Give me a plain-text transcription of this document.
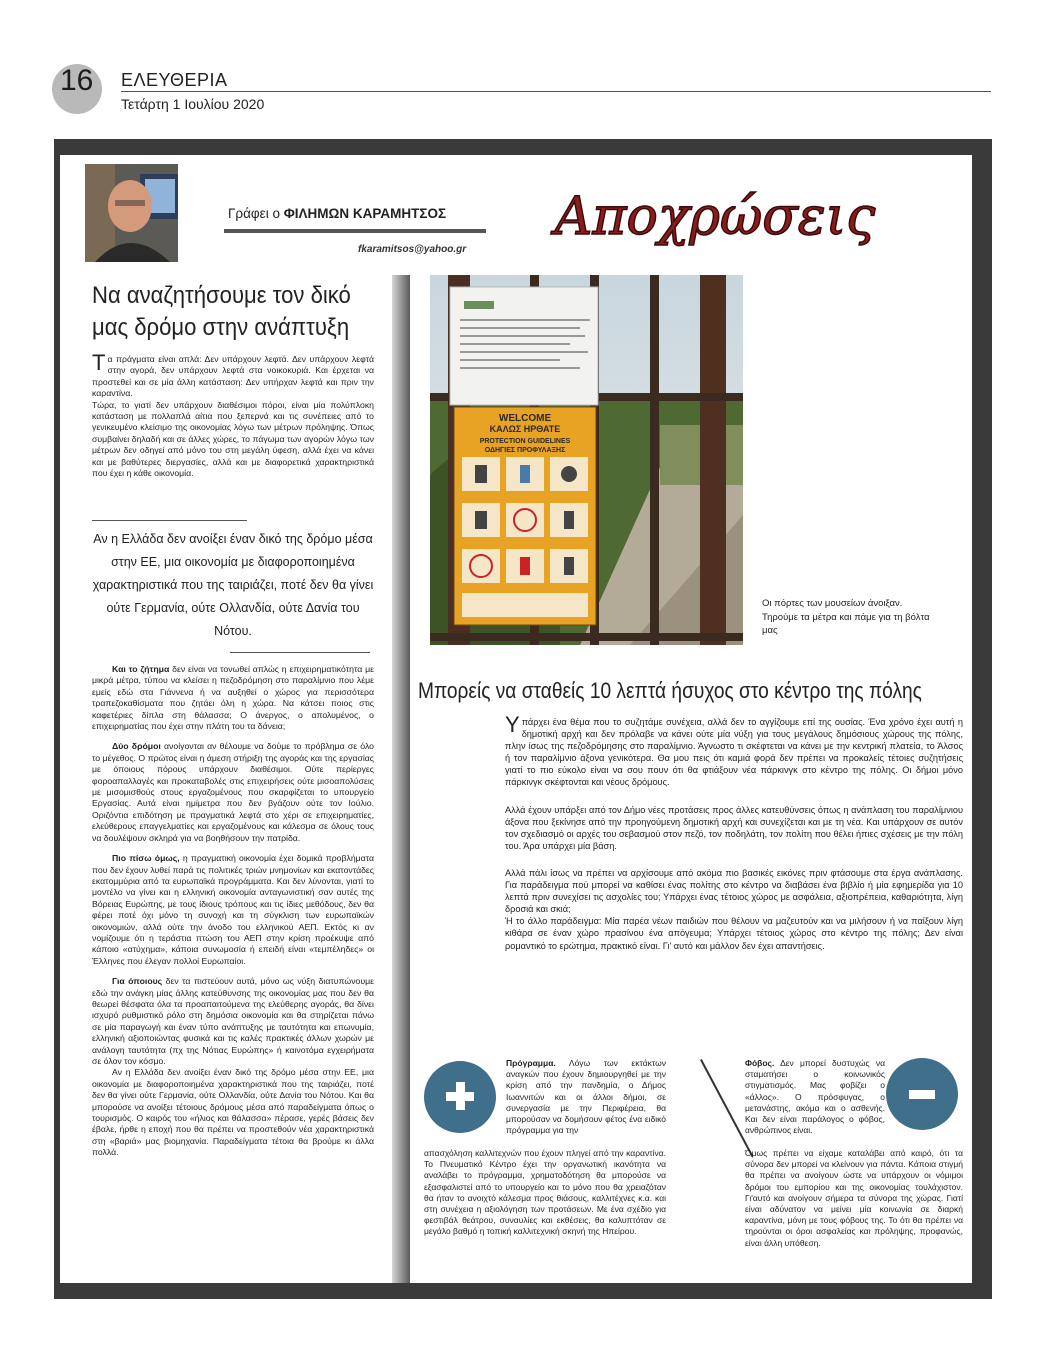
16 ΕΛΕΥΘΕΡΙΑ
Τετάρτη 1 Ιουλίου 2020
Γράφει ο ΦΙΛΗΜΩΝ ΚΑΡΑΜΗΤΣΟΣ
fkaramitsos@yahoo.gr
Αποχρώσεις
Να αναζητήσουμε τον δικό μας δρόμο στην ανάπτυξη

Τα πράγματα είναι απλά: Δεν υπάρχουν λεφτά. Δεν υπάρχουν λεφτά στην αγορά, δεν υπάρχουν λεφτά στα νοικοκυριά. Και έρχεται να προστεθεί και σε μία άλλη κατάσταση: Δεν υπήρχαν λεφτά και πριν την καραντίνα.
Τώρα, το γιατί δεν υπάρχουν διαθέσιμοι πόροι, είναι μία πολύπλοκη κατάσταση με πολλαπλά αίτια που ξεπερνά και τις συνέπειες από το γενικευμένο κλείσιμο της οικονομίας λόγω των μέτρων πρόληψης. Όπως συμβαίνει δηλαδή και σε άλλες χώρες, το πάγωμα των αγορών λόγω των μέτρων δεν οδηγεί από μόνο του στη μεγάλη ύφεση, αλλά έχει να κάνει και με βαθύτερες διεργασίες, αλλά και με διαφορετικά χαρακτηριστικά που έχει η κάθε οικονομία.

Αν η Ελλάδα δεν ανοίξει έναν δικό της δρόμο μέσα στην ΕΕ, μια οικονομία με διαφοροποιημένα χαρακτηριστικά που της ταιριάζει, ποτέ δεν θα γίνει ούτε Γερμανία, ούτε Ολλανδία, ούτε Δανία του Νότου.

Και το ζήτημα δεν είναι να τονωθεί απλώς η επιχειρηματικότητα με μικρά μέτρα, τύπου να κλείσει η πεζοδρόμηση στο παραλίμνιο που λέμε εμείς εδώ στα Γιάννενα ή να αυξηθεί ο χώρος για περισσότερα τραπεζοκαθίσματα που ζητάει όλη η χώρα. Να κάτσει ποιος στις καφετέριες δίπλα στη θάλασσα; Ο άνεργος, ο απολυμένος, ο επιχειρηματίας που έχει στην πλάτη του τα δάνεια;

Δύο δρόμοι ανοίγονται αν θέλουμε να δούμε το πρόβλημα σε όλο το μέγεθος. Ο πρώτος είναι η άμεση στήριξη της αγοράς και της εργασίας με όποιους πόρους υπάρχουν διαθέσιμοι. Ούτε περίεργες φοροαπαλλαγές και προκαταβολές στις επιχειρήσεις ούτε μισοαπολύσεις με μισομισθούς στους εργαζομένους που σκαρφίζεται το υπουργείο Εργασίας. Αυτά είναι ημίμετρα που δεν βγάζουν ούτε τον Ιούλιο. Οριζόντια επιδότηση με πραγματικά λεφτά στο χέρι σε επιχειρηματίες, ελεύθερους επαγγελματίες και εργαζομένους και κάλεσμα σε όλους τους να δουλέψουν σκληρά για να βοηθήσουν την πατρίδα.

Πιο πίσω όμως, η πραγματική οικονομία έχει δομικά προβλήματα που δεν έχουν λυθεί παρά τις πολιτικές τριών μνημονίων και εκατοντάδες εκατομμύρια από τα ευρωπαϊκά προγράμματα. Και δεν λύνονται, γιατί το μοντέλο να γίνει και η ελληνική οικονομία ανταγωνιστική σαν αυτές της Βόρειας Ευρώπης, με τους ίδιους τρόπους και τις ίδιες μεθόδους, δεν θα φέρει ποτέ όχι μόνο τη συνοχή και τη σύγκλιση των ευρωπαϊκών οικονομιών, αλλά ούτε την άνοδο του ελληνικού ΑΕΠ. Εκτός κι αν νομίζουμε ότι η τεράστια πτώση του ΑΕΠ στην κρίση προέκυψε από κάποιο «ατύχημα», κάποια συνωμοσία ή επειδή είναι «τεμπέληδες» οι Έλληνες που έλεγαν πολλοί Ευρωπαίοι.

Για όποιους δεν τα πιστεύουν αυτά, μόνο ως νύξη διατυπώνουμε εδώ την ανάγκη μίας άλλης κατεύθυνσης της οικονομίας μας που δεν θα θεωρεί θέσφατα όλα τα προαπαιτούμενα της ελεύθερης αγοράς, θα δίνει ισχυρό ρυθμιστικό ρόλο στη δημόσια οικονομία και θα στηρίζεται πάνω σε μία παραγωγή και έναν τύπο ανάπτυξης με ταυτότητα και επωνυμία, ελληνική αξιοποιώντας φυσικά και τις καλές πρακτικές άλλων χωρών με ανάλογη ταυτότητα (πχ της Νότιας Ευρώπης» ή καινοτόμα εγχειρήματα σε όλον τον κόσμο.

Αν η Ελλάδα δεν ανοίξει έναν δικό της δρόμο μέσα στην ΕΕ, μια οικονομία με διαφοροποιημένα χαρακτηριστικά που της ταιριάζει, ποτέ δεν θα γίνει ούτε Γερμανία, ούτε Ολλανδία, ούτε Δανία του Νότου. Και θα μπορούσε να ανοίξει τέτοιους δρόμους μέσα από παραδείγματα όπως ο τουρισμός. Ο καιρός του «ήλιος και θάλασσα» πέρασε, γερές βάσεις δεν έβαλε, ήρθε η εποχή που θα πρέπει να προστεθούν νέα χαρακτηριστικά στη «βαριά» μας βιομηχανία. Παραδείγματα τέτοια θα βρούμε κι άλλα πολλά.

WELCOME
ΚΑΛΩΣ ΗΡΘΑΤΕ
PROTECTION GUIDELINES
ΟΔΗΓΙΕΣ ΠΡΟΦΥΛΑΞΗΣ
Οι πόρτες των μουσείων άνοιξαν. Τηρούμε τα μέτρα και πάμε για τη βόλτα μας
Μπορείς να σταθείς 10 λεπτά ήσυχος στο κέντρο της πόλης

Υπάρχει ένα θέμα που το συζητάμε συνέχεια, αλλά δεν το αγγίζουμε επί της ουσίας. Ένα χρόνο έχει αυτή η δημοτική αρχή και δεν πρόλαβε να κάνει ούτε μία νύξη για τους μεγάλους δημόσιους χώρους της πόλης, πλην ίσως της πεζοδρόμησης στο παραλίμνιο. Άγνωστο τι σκέφτεται να κάνει με την κεντρική πλατεία, το Άλσος ή τον παραλίμνιο άξονα γενικότερα. Θα μου πεις ότι καμιά φορά δεν πρέπει να προκαλείς τέτοιες συζητήσεις γιατί το πιο εύκολο είναι να σου πουν ότι θα φτιάξουν νέα πάρκινγκ στο κέντρο της πόλης. Οι δήμοι μόνο πάρκινγκ σκέφτονται και νέους δρόμους.

Αλλά έχουν υπάρξει από τον Δήμο νέες προτάσεις προς άλλες κατευθύνσεις όπως η ανάπλαση του παραλίμνιου άξονα που ξεκίνησε από την προηγούμενη δημοτική αρχή και συνεχίζεται και με τη νέα. Και υπάρχουν σε αυτόν τον σχεδιασμό οι αρχές του σεβασμού στον πεζό, τον ποδηλάτη, τον πολίτη που θέλει ήπιες σχέσεις με την πόλη του. Άρα υπάρχει μία βάση.

Αλλά πάλι ίσως να πρέπει να αρχίσουμε από ακόμα πιο βασικές εικόνες πριν φτάσουμε στα έργα ανάπλασης. Για παράδειγμα πού μπορεί να καθίσει ένας πολίτης στο κέντρο να διαβάσει ένα βιβλίο ή μία εφημερίδα για 10 λεπτά πριν συνεχίσει τις ασχολίες του; Υπάρχει ένας τέτοιος χώρος με ασφάλεια, αξιοπρέπεια, καθαριότητα, λίγη δροσιά και σκιά;
Ή το άλλο παράδειγμα: Μία παρέα νέων παιδιών που θέλουν να μαζευτούν και να μιλήσουν ή να παίξουν λίγη κιθάρα σε έναν χώρο πρασίνου ένα απόγευμα; Υπάρχει τέτοιος χώρος στο κέντρο της πόλης; Δεν είναι ρομαντικό το ερώτημα, πρακτικό είναι. Γι' αυτό και μάλλον δεν έχει απαντήσεις.

Πρόγραμμα. Λόγω των εκτάκτων αναγκών που έχουν δημιουργηθεί με την κρίση από την πανδημία, ο Δήμος Ιωαννιτών και οι άλλοι δήμοι, σε συνεργασία με την Περιφέρεια, θα μπορούσαν να δομήσουν φέτος ένα ειδικό πρόγραμμα για την
απασχόληση καλλιτεχνών που έχουν πληγεί από την καραντίνα. Το Πνευματικό Κέντρο έχει την οργανωτική ικανότητα να αναλάβει το πρόγραμμα, χρηματοδότηση θα μπορούσε να εξασφαλιστεί από το υπουργείο και το μόνο που θα χρειαζόταν θα ήταν το ανοιχτό κάλεσμα προς θιάσους, καλλιτέχνες κ.α. και στη συνέχεια η αξιολόγηση των προτάσεων. Με ένα σχέδιο για φεστιβάλ θεάτρου, συναυλίες και εκθέσεις, θα καλυπτόταν σε μεγάλο βαθμό η τοπική καλλιτεχνική σκηνή της Ηπείρου.
Φόβος. Δεν μπορεί δυστυχώς να σταματήσει ο κοινωνικός στιγματισμός. Μας φοβίζει ο «άλλος». Ο πρόσφυγας, ο μετανάστης, ακόμα και ο ασθενής. Και δεν είναι παράλογος ο φόβος, ανθρώπινος είναι.
Όμως πρέπει να είχαμε καταλάβει από καιρό, ότι τα σύνορα δεν μπορεί να κλείνουν για πάντα. Κάποια στιγμή θα πρέπει να ανοίγουν ώστε να υπάρχουν οι νόμιμοι δρόμοι του εμπορίου και της οικονομίας τουλάχιστον. Γι'αυτό και ανοίγουν σήμερα τα σύνορα της χώρας. Γιατί είναι αδύνατον να μείνει μία κοινωνία σε διαρκή καραντίνα, μόνη με τους φόβους της. Το ότι θα πρέπει να τηρούνται οι όροι ασφαλείας και πρόληψης, προφανώς, είναι άλλη υπόθεση.
